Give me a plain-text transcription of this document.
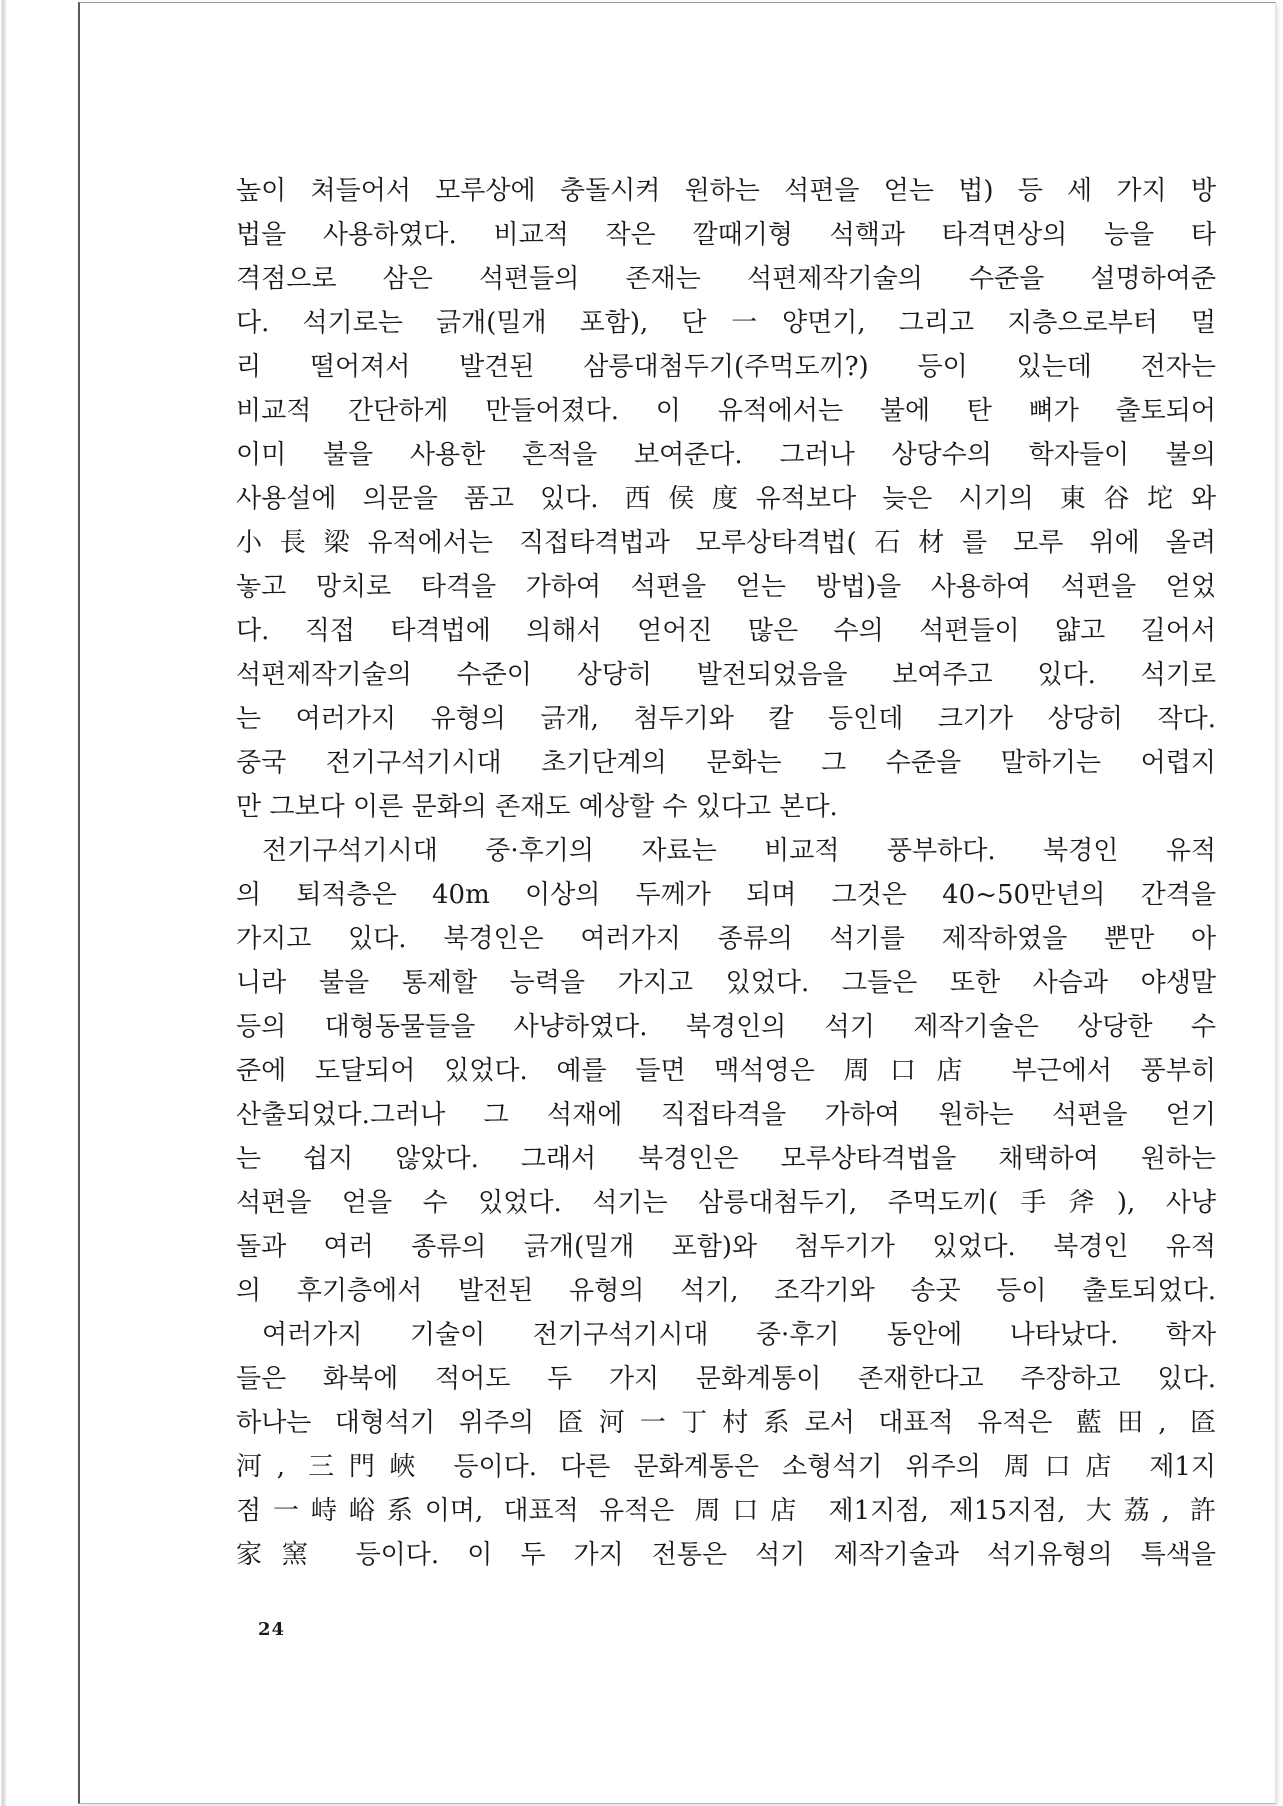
높이 쳐들어서 모루상에 충돌시켜 원하는 석편을 얻는 법) 등 세 가지 방
법을 사용하였다. 비교적 작은 깔때기형 석핵과 타격면상의 능을 타
격점으로 삼은 석편들의 존재는 석편제작기술의 수준을 설명하여준
다. 석기로는 긁개(밀개 포함), 단一양면기, 그리고 지층으로부터 멀
리 떨어져서 발견된 삼릉대첨두기(주먹도끼?) 등이 있는데 전자는
비교적 간단하게 만들어졌다. 이 유적에서는 불에 탄 뼈가 출토되어
이미 불을 사용한 흔적을 보여준다. 그러나 상당수의 학자들이 불의
사용설에 의문을 품고 있다. 西侯度유적보다 늦은 시기의 東谷坨와
小長梁유적에서는 직접타격법과 모루상타격법(石材를 모루 위에 올려
놓고 망치로 타격을 가하여 석편을 얻는 방법)을 사용하여 석편을 얻었
다. 직접 타격법에 의해서 얻어진 많은 수의 석편들이 얇고 길어서
석편제작기술의 수준이 상당히 발전되었음을 보여주고 있다. 석기로
는 여러가지 유형의 긁개, 첨두기와 칼 등인데 크기가 상당히 작다.
중국 전기구석기시대 초기단계의 문화는 그 수준을 말하기는 어렵지
만 그보다 이른 문화의 존재도 예상할 수 있다고 본다.
전기구석기시대 중·후기의 자료는 비교적 풍부하다. 북경인 유적
의 퇴적층은 40m 이상의 두께가 되며 그것은 40~50만년의 간격을
가지고 있다. 북경인은 여러가지 종류의 석기를 제작하였을 뿐만 아
니라 불을 통제할 능력을 가지고 있었다. 그들은 또한 사슴과 야생말
등의 대형동물들을 사냥하였다. 북경인의 석기 제작기술은 상당한 수
준에 도달되어 있었다. 예를 들면 맥석영은 周口店 부근에서 풍부히
산출되었다.그러나 그 석재에 직접타격을 가하여 원하는 석편을 얻기
는 쉽지 않았다. 그래서 북경인은 모루상타격법을 채택하여 원하는
석편을 얻을 수 있었다. 석기는 삼릉대첨두기, 주먹도끼(手斧), 사냥
돌과 여러 종류의 긁개(밀개 포함)와 첨두기가 있었다. 북경인 유적
의 후기층에서 발전된 유형의 석기, 조각기와 송곳 등이 출토되었다.
여러가지 기술이 전기구석기시대 중·후기 동안에 나타났다. 학자
들은 화북에 적어도 두 가지 문화계통이 존재한다고 주장하고 있다.
하나는 대형석기 위주의 匼河一丁村系로서 대표적 유적은 藍田, 匼
河, 三門峽 등이다. 다른 문화계통은 소형석기 위주의 周口店 제1지
점一峙峪系이며, 대표적 유적은 周口店 제1지점, 제15지점, 大荔, 許
家窯 등이다. 이 두 가지 전통은 석기 제작기술과 석기유형의 특색을
24
